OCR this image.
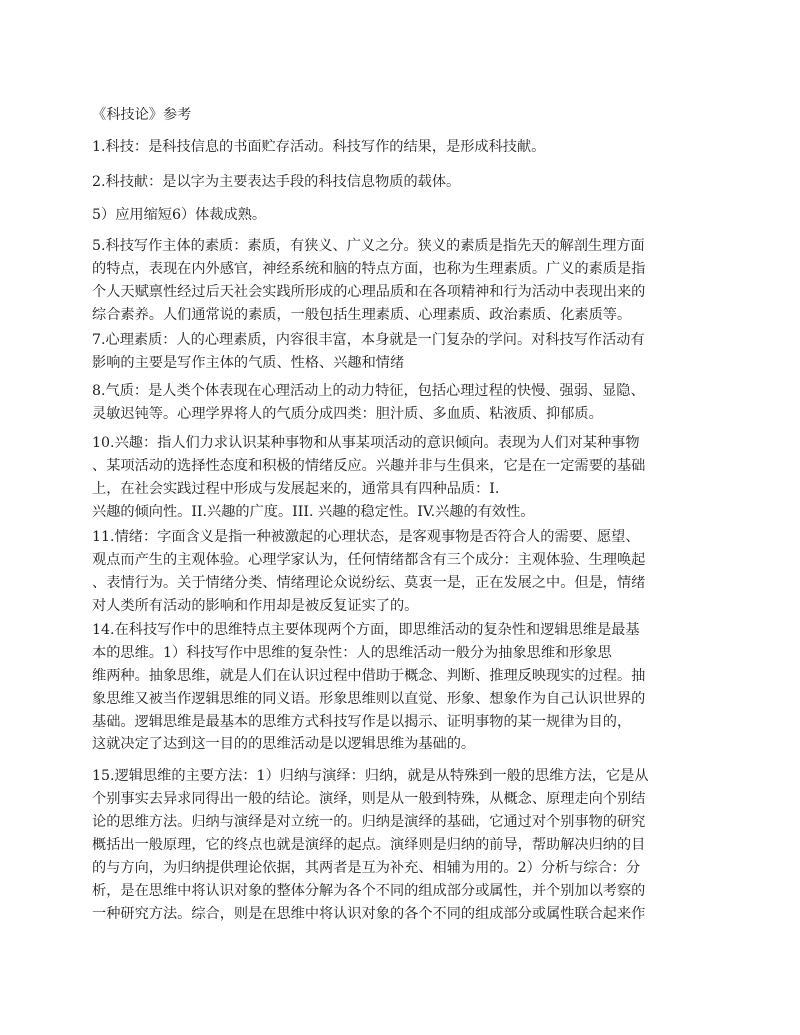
《科技论》参考
1.科技：是科技信息的书面贮存活动。科技写作的结果，是形成科技献。
2.科技献：是以字为主要表达手段的科技信息物质的载体。
5）应用缩短6）体裁成熟。
5.科技写作主体的素质：素质，有狭义、广义之分。狭义的素质是指先天的解剖生理方面
的特点，表现在内外感官，神经系统和脑的特点方面，也称为生理素质。广义的素质是指
个人天赋禀性经过后天社会实践所形成的心理品质和在各项精神和行为活动中表现出来的
综合素养。人们通常说的素质，一般包括生理素质、心理素质、政治素质、化素质等。
7.心理素质：人的心理素质，内容很丰富，本身就是一门复杂的学问。对科技写作活动有
影响的主要是写作主体的气质、性格、兴趣和情绪
8.气质：是人类个体表现在心理活动上的动力特征，包括心理过程的快慢、强弱、显隐、
灵敏迟钝等。心理学界将人的气质分成四类：胆汁质、多血质、粘液质、抑郁质。
10.兴趣：指人们力求认识某种事物和从事某项活动的意识倾向。表现为人们对某种事物
、某项活动的选择性态度和积极的情绪反应。兴趣并非与生俱来，它是在一定需要的基础
上，在社会实践过程中形成与发展起来的，通常具有四种品质：I.
兴趣的倾向性。II.兴趣的广度。III. 兴趣的稳定性。IV.兴趣的有效性。
11.情绪：字面含义是指一种被激起的心理状态，是客观事物是否符合人的需要、愿望、
观点而产生的主观体验。心理学家认为，任何情绪都含有三个成分：主观体验、生理唤起
、表情行为。关于情绪分类、情绪理论众说纷纭、莫衷一是，正在发展之中。但是，情绪
对人类所有活动的影响和作用却是被反复证实了的。
14.在科技写作中的思维特点主要体现两个方面，即思维活动的复杂性和逻辑思维是最基
本的思维。1）科技写作中思维的复杂性：人的思维活动一般分为抽象思维和形象思
维两种。抽象思维，就是人们在认识过程中借助于概念、判断、推理反映现实的过程。抽
象思维又被当作逻辑思维的同义语。形象思维则以直觉、形象、想象作为自己认识世界的
基础。逻辑思维是最基本的思维方式科技写作是以揭示、证明事物的某一规律为目的，
这就决定了达到这一目的的思维活动是以逻辑思维为基础的。
15.逻辑思维的主要方法：1）归纳与演绎：归纳，就是从特殊到一般的思维方法，它是从
个别事实去异求同得出一般的结论。演绎，则是从一般到特殊，从概念、原理走向个别结
论的思维方法。归纳与演绎是对立统一的。归纳是演绎的基础，它通过对个别事物的研究
概括出一般原理，它的终点也就是演绎的起点。演绎则是归纳的前导，帮助解决归纳的目
的与方向，为归纳提供理论依据，其两者是互为补充、相辅为用的。2）分析与综合：分
析，是在思维中将认识对象的整体分解为各个不同的组成部分或属性，并个别加以考察的
一种研究方法。综合，则是在思维中将认识对象的各个不同的组成部分或属性联合起来作
